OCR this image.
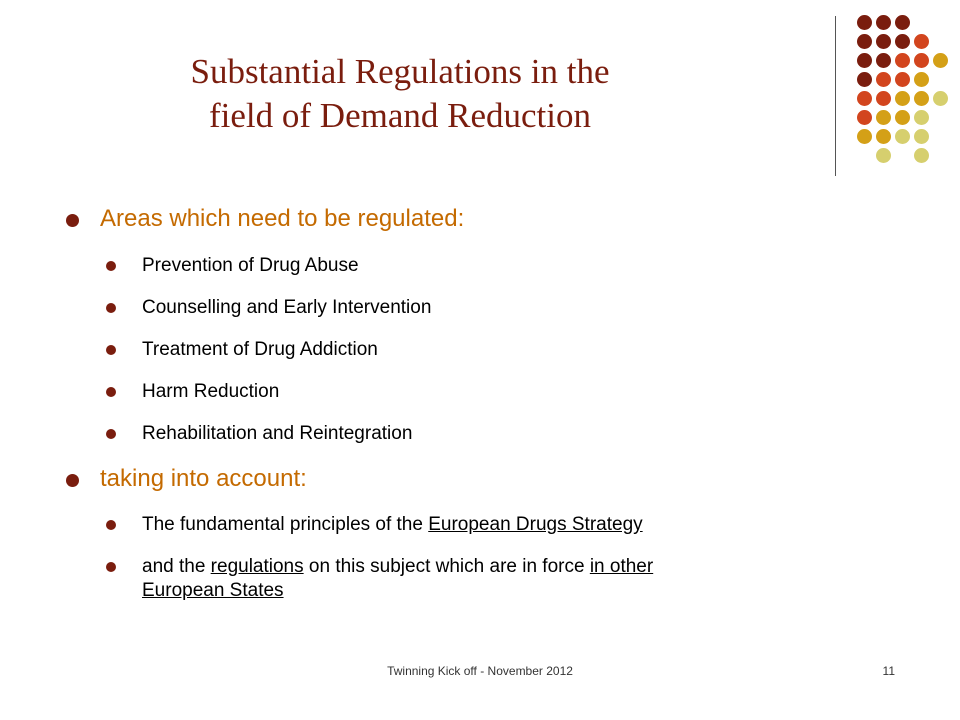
Substantial Regulations in the
field of Demand Reduction
Areas which need to be regulated:
Prevention of Drug Abuse
Counselling and Early Intervention
Treatment of Drug Addiction
Harm Reduction
Rehabilitation and Reintegration
taking into account:
The fundamental principles of the European Drugs Strategy
and the regulations on this subject which are in force in other
European States
Twinning Kick off - November 2012	11
